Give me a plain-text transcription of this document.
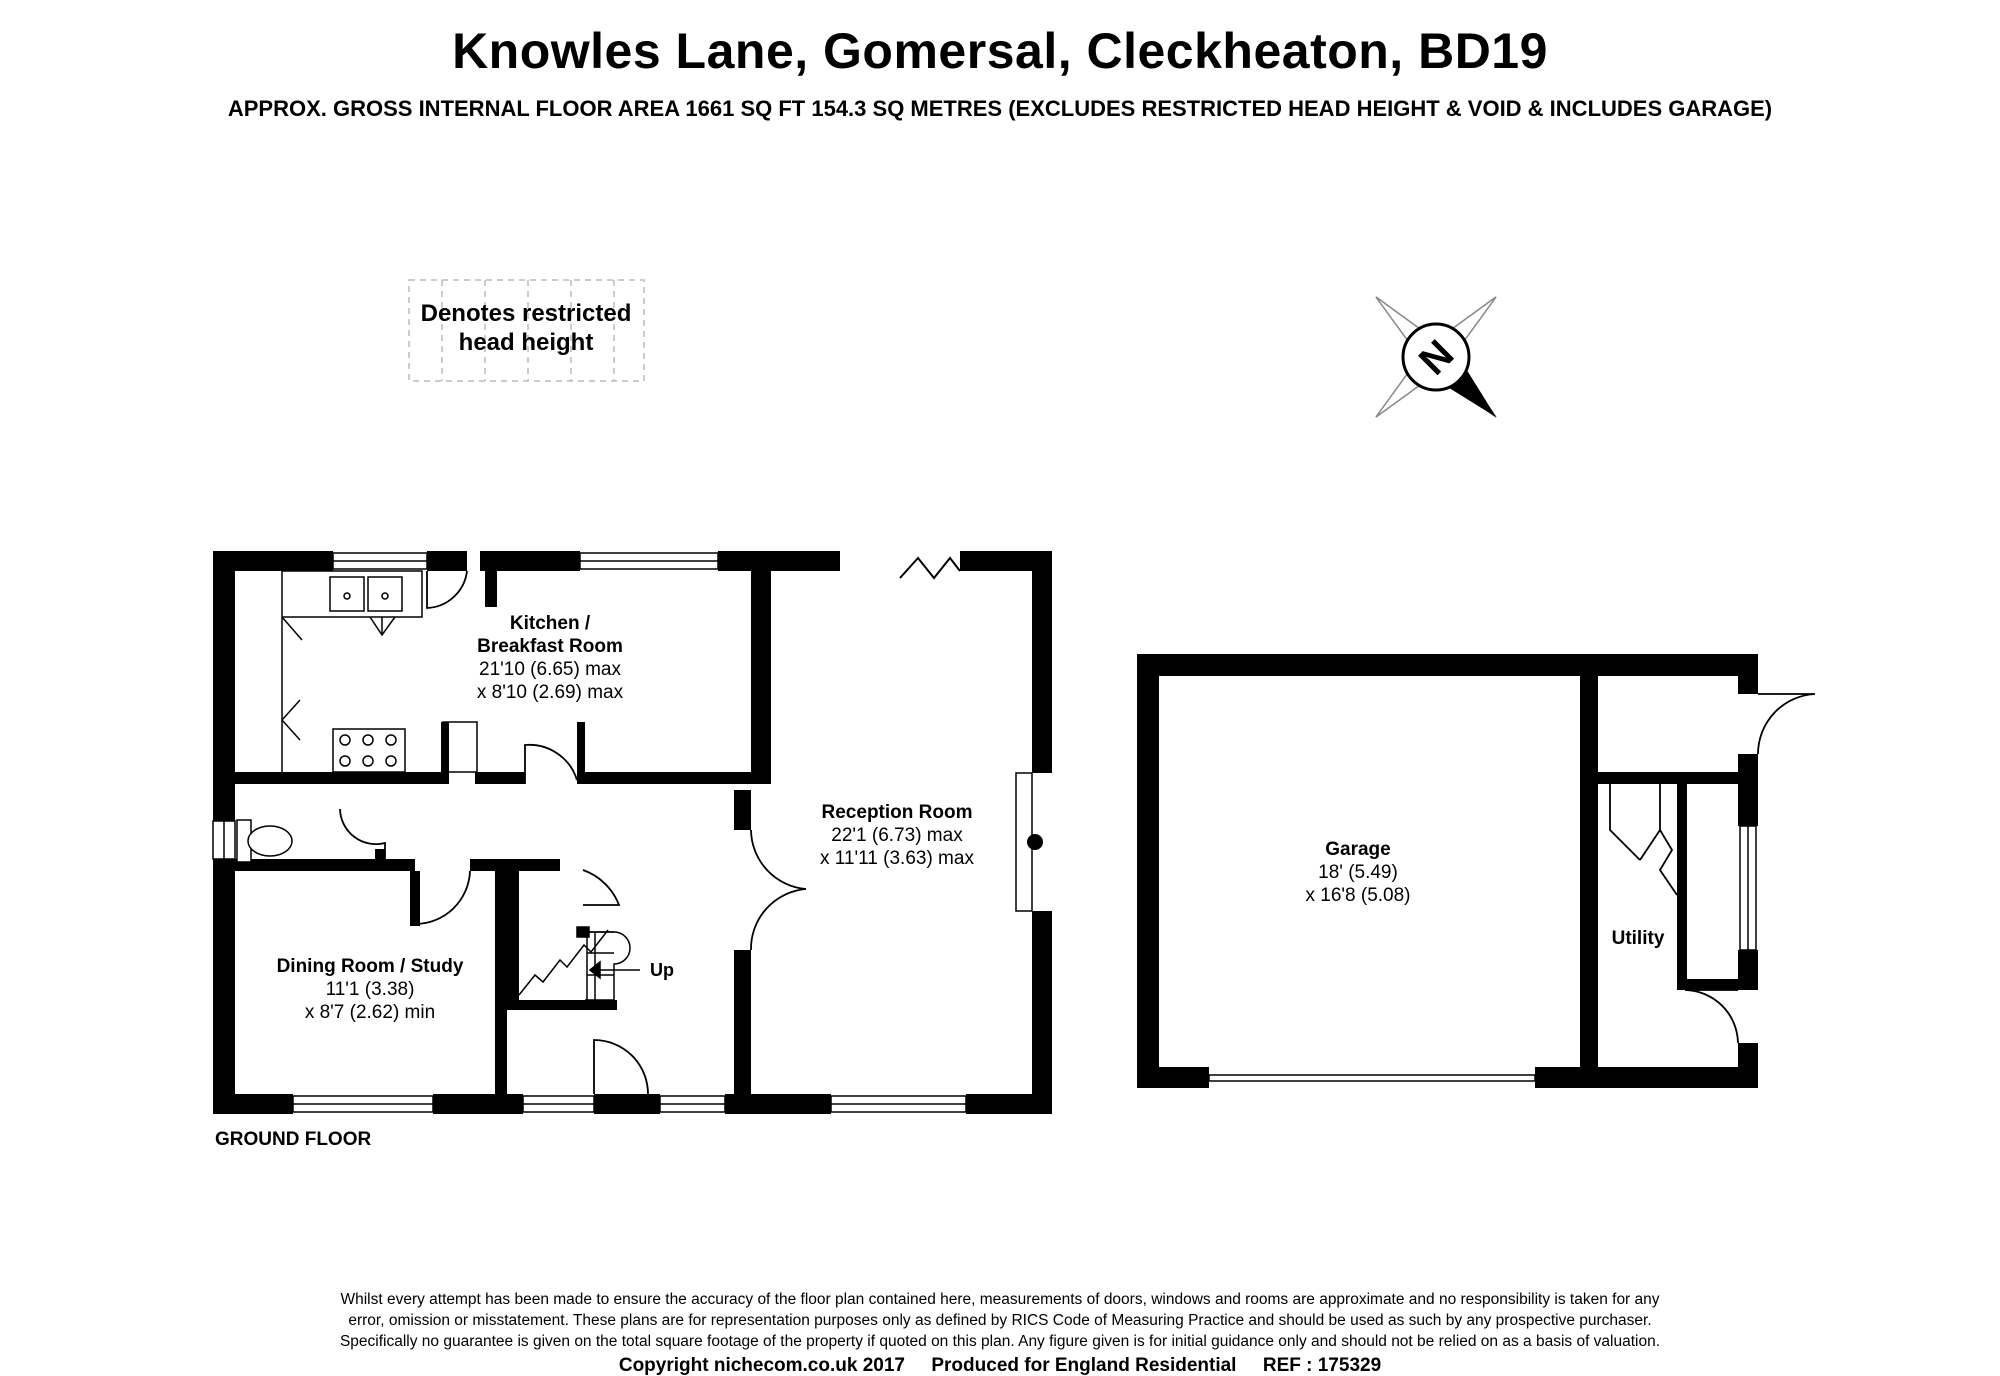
Knowles Lane, Gomersal, Cleckheaton, BD19
APPROX. GROSS INTERNAL FLOOR AREA 1661 SQ FT 154.3 SQ METRES (EXCLUDES RESTRICTED HEAD HEIGHT & VOID & INCLUDES GARAGE)
Denotes restricted
head height	N
Up
Kitchen /
Breakfast Room
21'10 (6.65) max
x 8'10 (2.69) max
Reception Room
22'1 (6.73) max
x 11'11 (3.63) max
Dining Room / Study
11'1 (3.38)
x 8'7 (2.62) min
Garage
18' (5.49)
x 16'8 (5.08)
Utility
GROUND FLOOR
Whilst every attempt has been made to ensure the accuracy of the floor plan contained here, measurements of doors, windows and rooms are approximate and no responsibility is taken for any
error, omission or misstatement. These plans are for representation purposes only as defined by RICS Code of Measuring Practice and should be used as such by any prospective purchaser.
Specifically no guarantee is given on the total square footage of the property if quoted on this plan. Any figure given is for initial guidance only and should not be relied on as a basis of valuation.
Copyright nichecom.co.uk 2017     Produced for England Residential     REF : 175329
